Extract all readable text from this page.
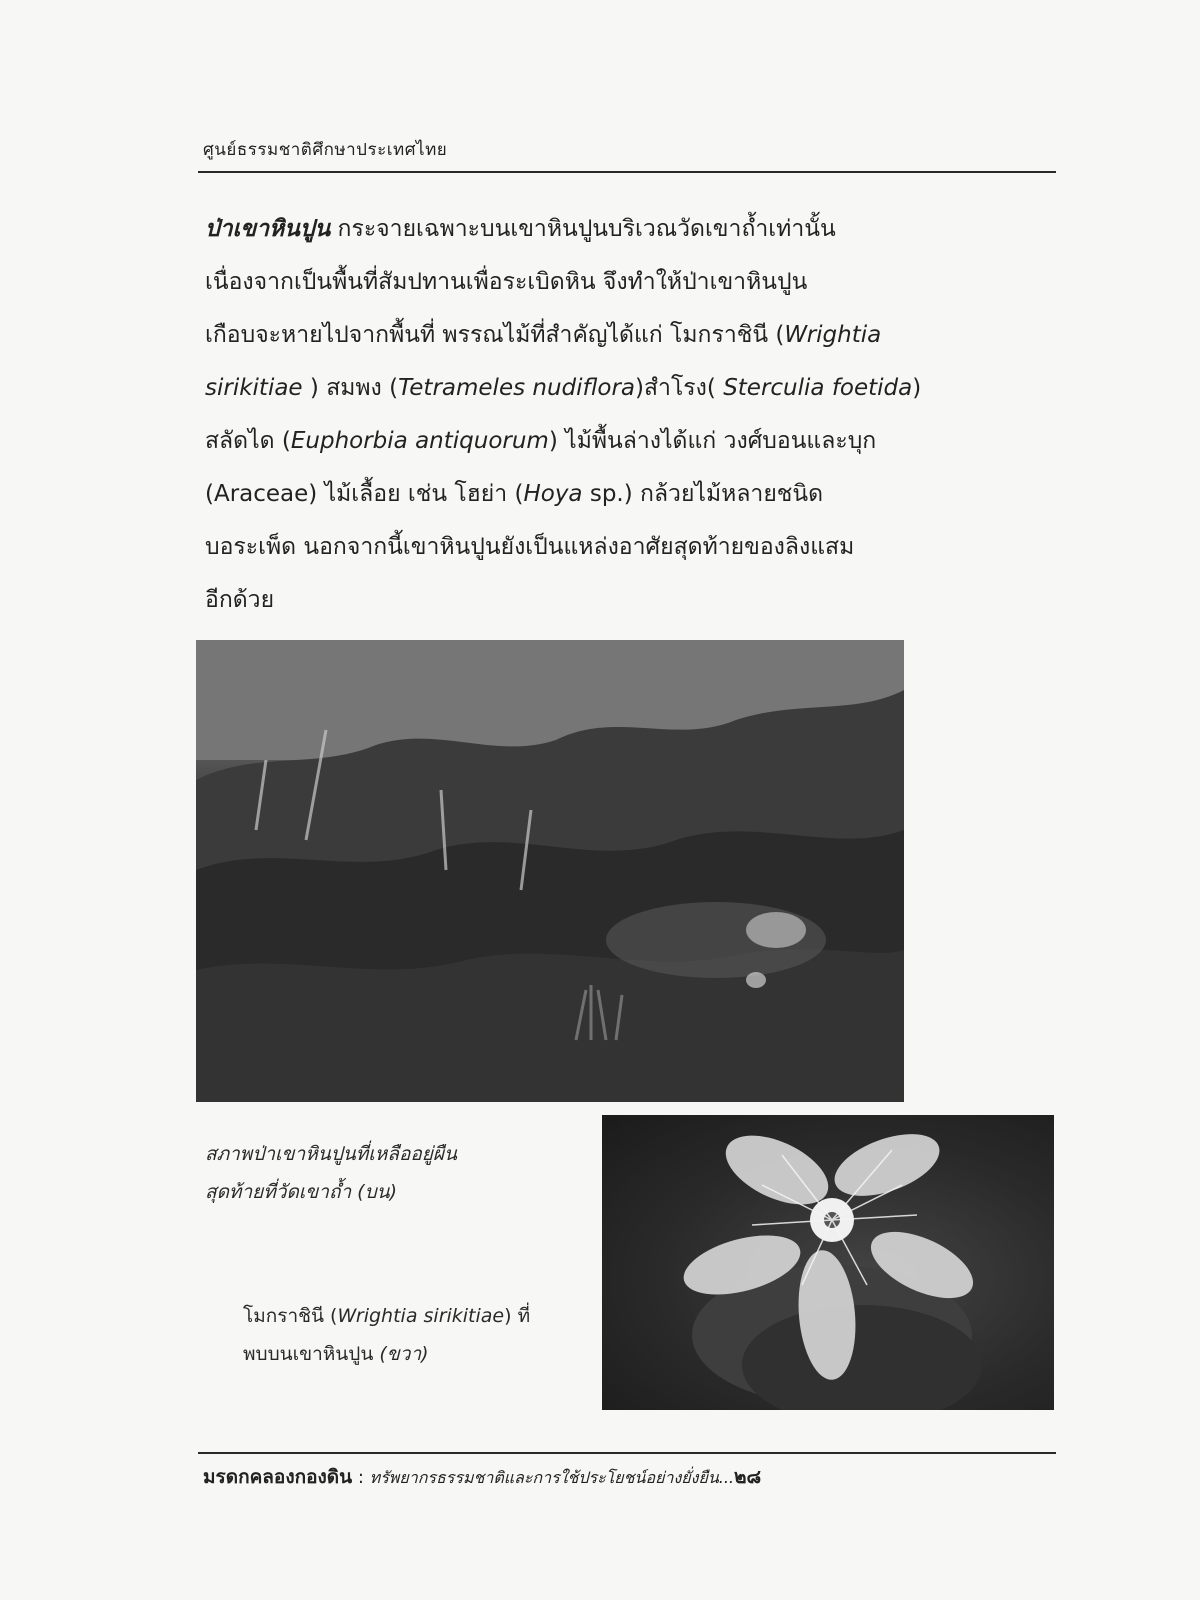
ศูนย์ธรรมชาติศึกษาประเทศไทย
ป่าเขาหินปูน กระจายเฉพาะบนเขาหินปูนบริเวณวัดเขาถ้ำเท่านั้น
เนื่องจากเป็นพื้นที่สัมปทานเพื่อระเบิดหิน จึงทำให้ป่าเขาหินปูน
เกือบจะหายไปจากพื้นที่ พรรณไม้ที่สำคัญได้แก่ โมกราชินี (Wrightia
sirikitiae ) สมพง (Tetrameles nudiflora)สำโรง( Sterculia foetida)
สลัดได (Euphorbia antiquorum) ไม้พื้นล่างได้แก่ วงศ์บอนและบุก
(Araceae) ไม้เลื้อย เช่น โฮย่า (Hoya sp.) กล้วยไม้หลายชนิด
บอระเพ็ด นอกจากนี้เขาหินปูนยังเป็นแหล่งอาศัยสุดท้ายของลิงแสม
อีกด้วย
สภาพป่าเขาหินปูนที่เหลืออยู่ผืน
สุดท้ายที่วัดเขาถ้ำ (บน)
โมกราชินี (Wrightia sirikitiae) ที่
พบบนเขาหินปูน (ขวา)
มรดกคลองกองดิน : ทรัพยากรธรรมชาติและการใช้ประโยชน์อย่างยั่งยืน...๒๘
